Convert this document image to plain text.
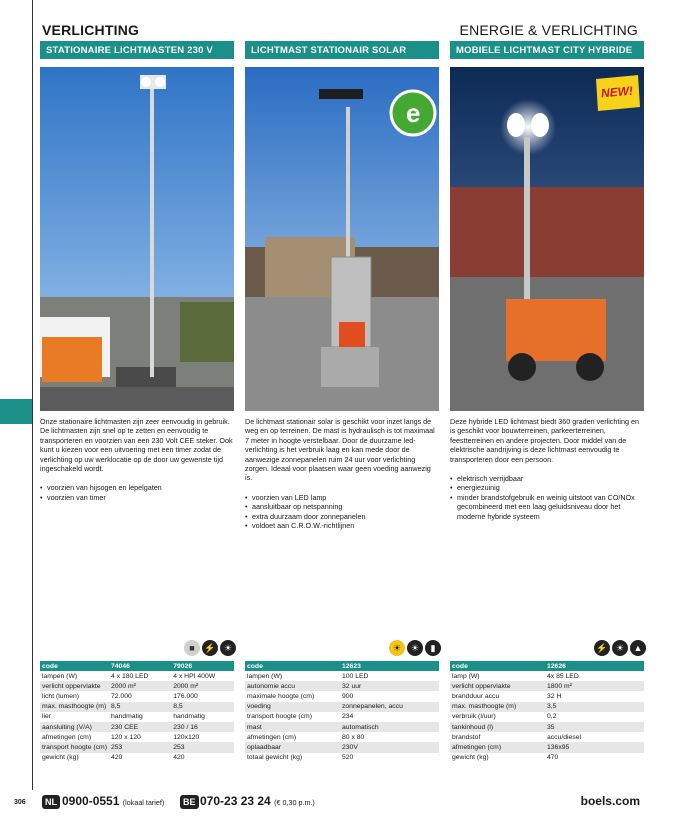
VERLICHTING	ENERGIE & VERLICHTING
STATIONAIRE LICHTMASTEN 230 V
Onze stationaire lichtmasten zijn zeer eenvoudig in gebruik. De lichtmasten zijn snel op te zetten en eenvoudig te transporteren en voorzien van een 230 Volt CEE steker. Ook kunt u kiezen voor een uitvoering met een timer zodat de verlichting op uw werklocatie op de door uw gewenste tijd ingeschakeld wordt.
• voorzien van hijsogen en lepelgaten
• voorzien van timer
LICHTMAST STATIONAIR SOLAR
e
De lichtmast stationair solar is geschikt voor inzet langs de weg en op terreinen. De mast is hydraulisch is tot maximaal 7 meter in hoogte verstelbaar. Door de duurzame led-verlichting is het verbruik laag en kan mede door de aanwezige zonnepanelen ruim 24 uur voor verlichting zorgen. Ideaal voor plaatsen waar geen voeding aanwezig is.
• voorzien van LED lamp
• aansluitbaar op netspanning
• extra duurzaam door zonnepanelen
• voldoet aan C.R.O.W.-richtlijnen
MOBIELE LICHTMAST CITY HYBRIDE
NEW!
Deze hybride LED lichtmast biedt 360 graden verlichting en is geschikt voor bouwterreinen, parkeerterreinen, feestterreinen en andere projecten. Door middel van de elektrische aandrijving is deze lichtmast eenvoudig te transporteren door een persoon.
• elektrisch verrijdbaar
• energiezuinig
• minder brandstofgebruik en weinig uitstoot van CO/NOx gecombineerd met een laag geluidsniveau door het moderne hybride systeem
■	⚡ ☀	☀	☀	▮	⚡ ☀	▲
code	74046	79026
lampen (W)	4 x 180 LED	4 x HPI 400W
verlicht oppervlakte	2000 m²	2000 m²
licht (lumen)	72.000	176.000
max. masthoogte (m)	8,5	8,5
lier	handmatig	handmatig
aansluiting (V/A)	230 CEE	230 / 16
afmetingen (cm)	120 x 120	120x120
transport hoogte (cm)	253	253
gewicht (kg)	420	420
code	12623
lampen (W)	100 LED
autonomie accu	32 uur
maximale hoogte (cm)	900
voeding	zonnepanelen, accu
transport hoogte (cm)	234
mast	automatisch
afmetingen (cm)	80 x 80
oplaadbaar	230V
totaal gewicht (kg)	520
code	12626
lamp (W)	4x 85 LED
verlicht oppervlakte	1800 m²
brandduur accu	32 H
max. masthoogte (m)	3,5
verbruik (l/uur)	0,2
tankinhoud (l)	35
brandstof	accu/diesel
afmetingen (cm)	136x95
gewicht (kg)	470
306	NL 0900-0551 (lokaal tarief)	BE 070-23 23 24 (€ 0,30 p.m.)	boels.com
